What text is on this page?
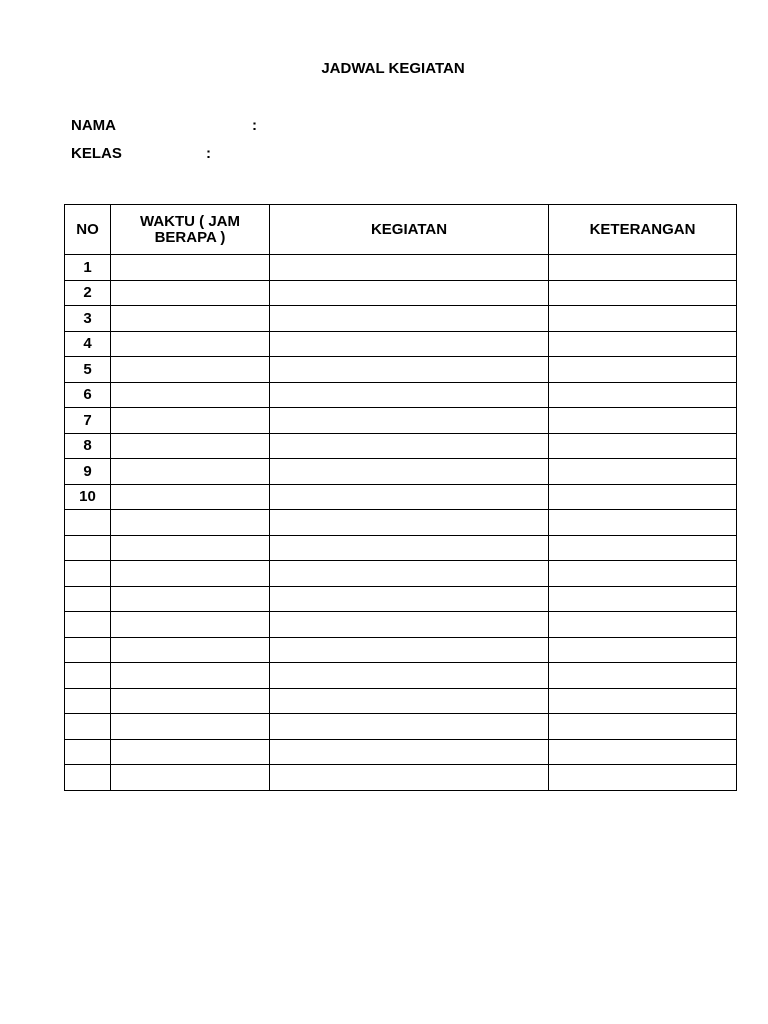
JADWAL KEGIATAN
NAMA	:
KELAS	:
NO	WAKTU ( JAM BERAPA )	KEGIATAN	KETERANGAN
1			
2			
3			
4			
5			
6			
7			
8			
9			
10			
